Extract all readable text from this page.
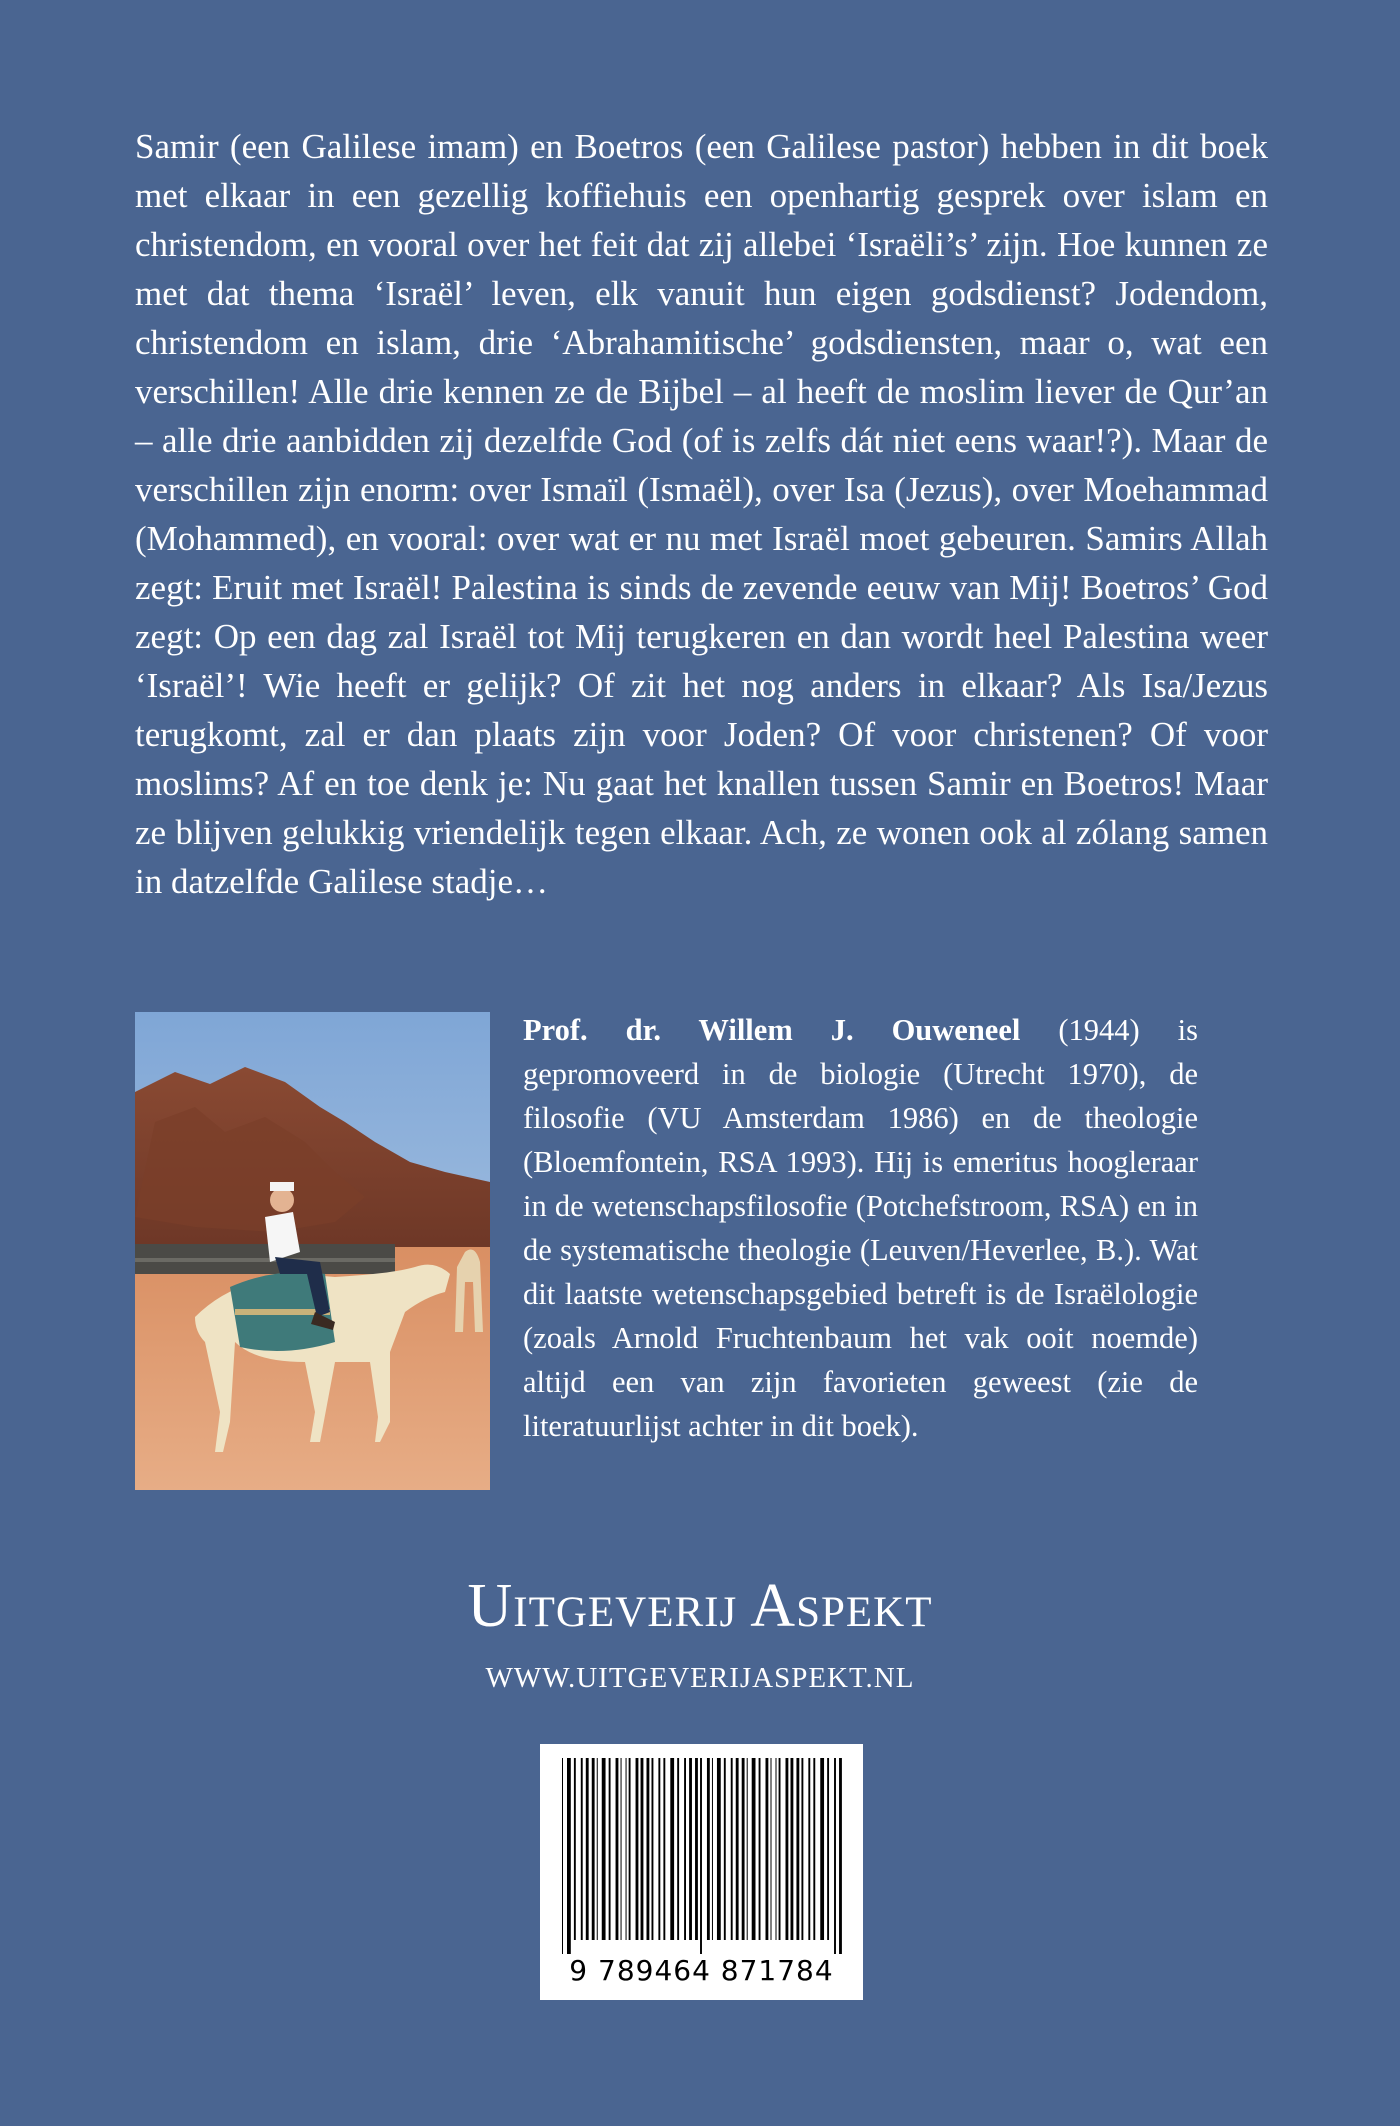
Samir (een Galilese imam) en Boetros (een Galilese pastor) hebben in dit boek met elkaar in een gezellig koffiehuis een openhartig gesprek over islam en christendom, en vooral over het feit dat zij allebei ‘Israëli’s’ zijn. Hoe kunnen ze met dat thema ‘Israël’ leven, elk vanuit hun eigen godsdienst? Jodendom, christendom en islam, drie ‘Abrahamitische’ godsdiensten, maar o, wat een verschillen! Alle drie kennen ze de Bijbel – al heeft de moslim liever de Qur’an – alle drie aanbidden zij dezelfde God (of is zelfs dát niet eens waar!?). Maar de verschillen zijn enorm: over Ismaïl (Ismaël), over Isa (Jezus), over Moehammad (Mohammed), en vooral: over wat er nu met Israël moet gebeuren. Samirs Allah zegt: Eruit met Israël! Palestina is sinds de zevende eeuw van Mij! Boetros’ God zegt: Op een dag zal Israël tot Mij terugkeren en dan wordt heel Palestina weer ‘Israël’! Wie heeft er gelijk? Of zit het nog anders in elkaar? Als Isa/Jezus terugkomt, zal er dan plaats zijn voor Joden? Of voor christenen? Of voor moslims? Af en toe denk je: Nu gaat het knallen tussen Samir en Boetros! Maar ze blijven gelukkig vriendelijk tegen elkaar. Ach, ze wonen ook al zólang samen in datzelfde Galilese stadje…

Prof. dr. Willem J. Ouweneel (1944) is gepromoveerd in de biologie (Utrecht 1970), de filosofie (VU Amsterdam 1986) en de theologie (Bloemfontein, RSA 1993). Hij is emeritus hoogleraar in de wetenschapsfilosofie (Potchefstroom, RSA) en in de systematische theologie (Leuven/Heverlee, B.). Wat dit laatste wetenschapsgebied betreft is de Israëlologie (zoals Arnold Fruchtenbaum het vak ooit noemde) altijd een van zijn favorieten geweest (zie de literatuurlijst achter in dit boek).

Uitgeverij Aspekt

WWW.UITGEVERIJASPEKT.NL

9 789464 871784
